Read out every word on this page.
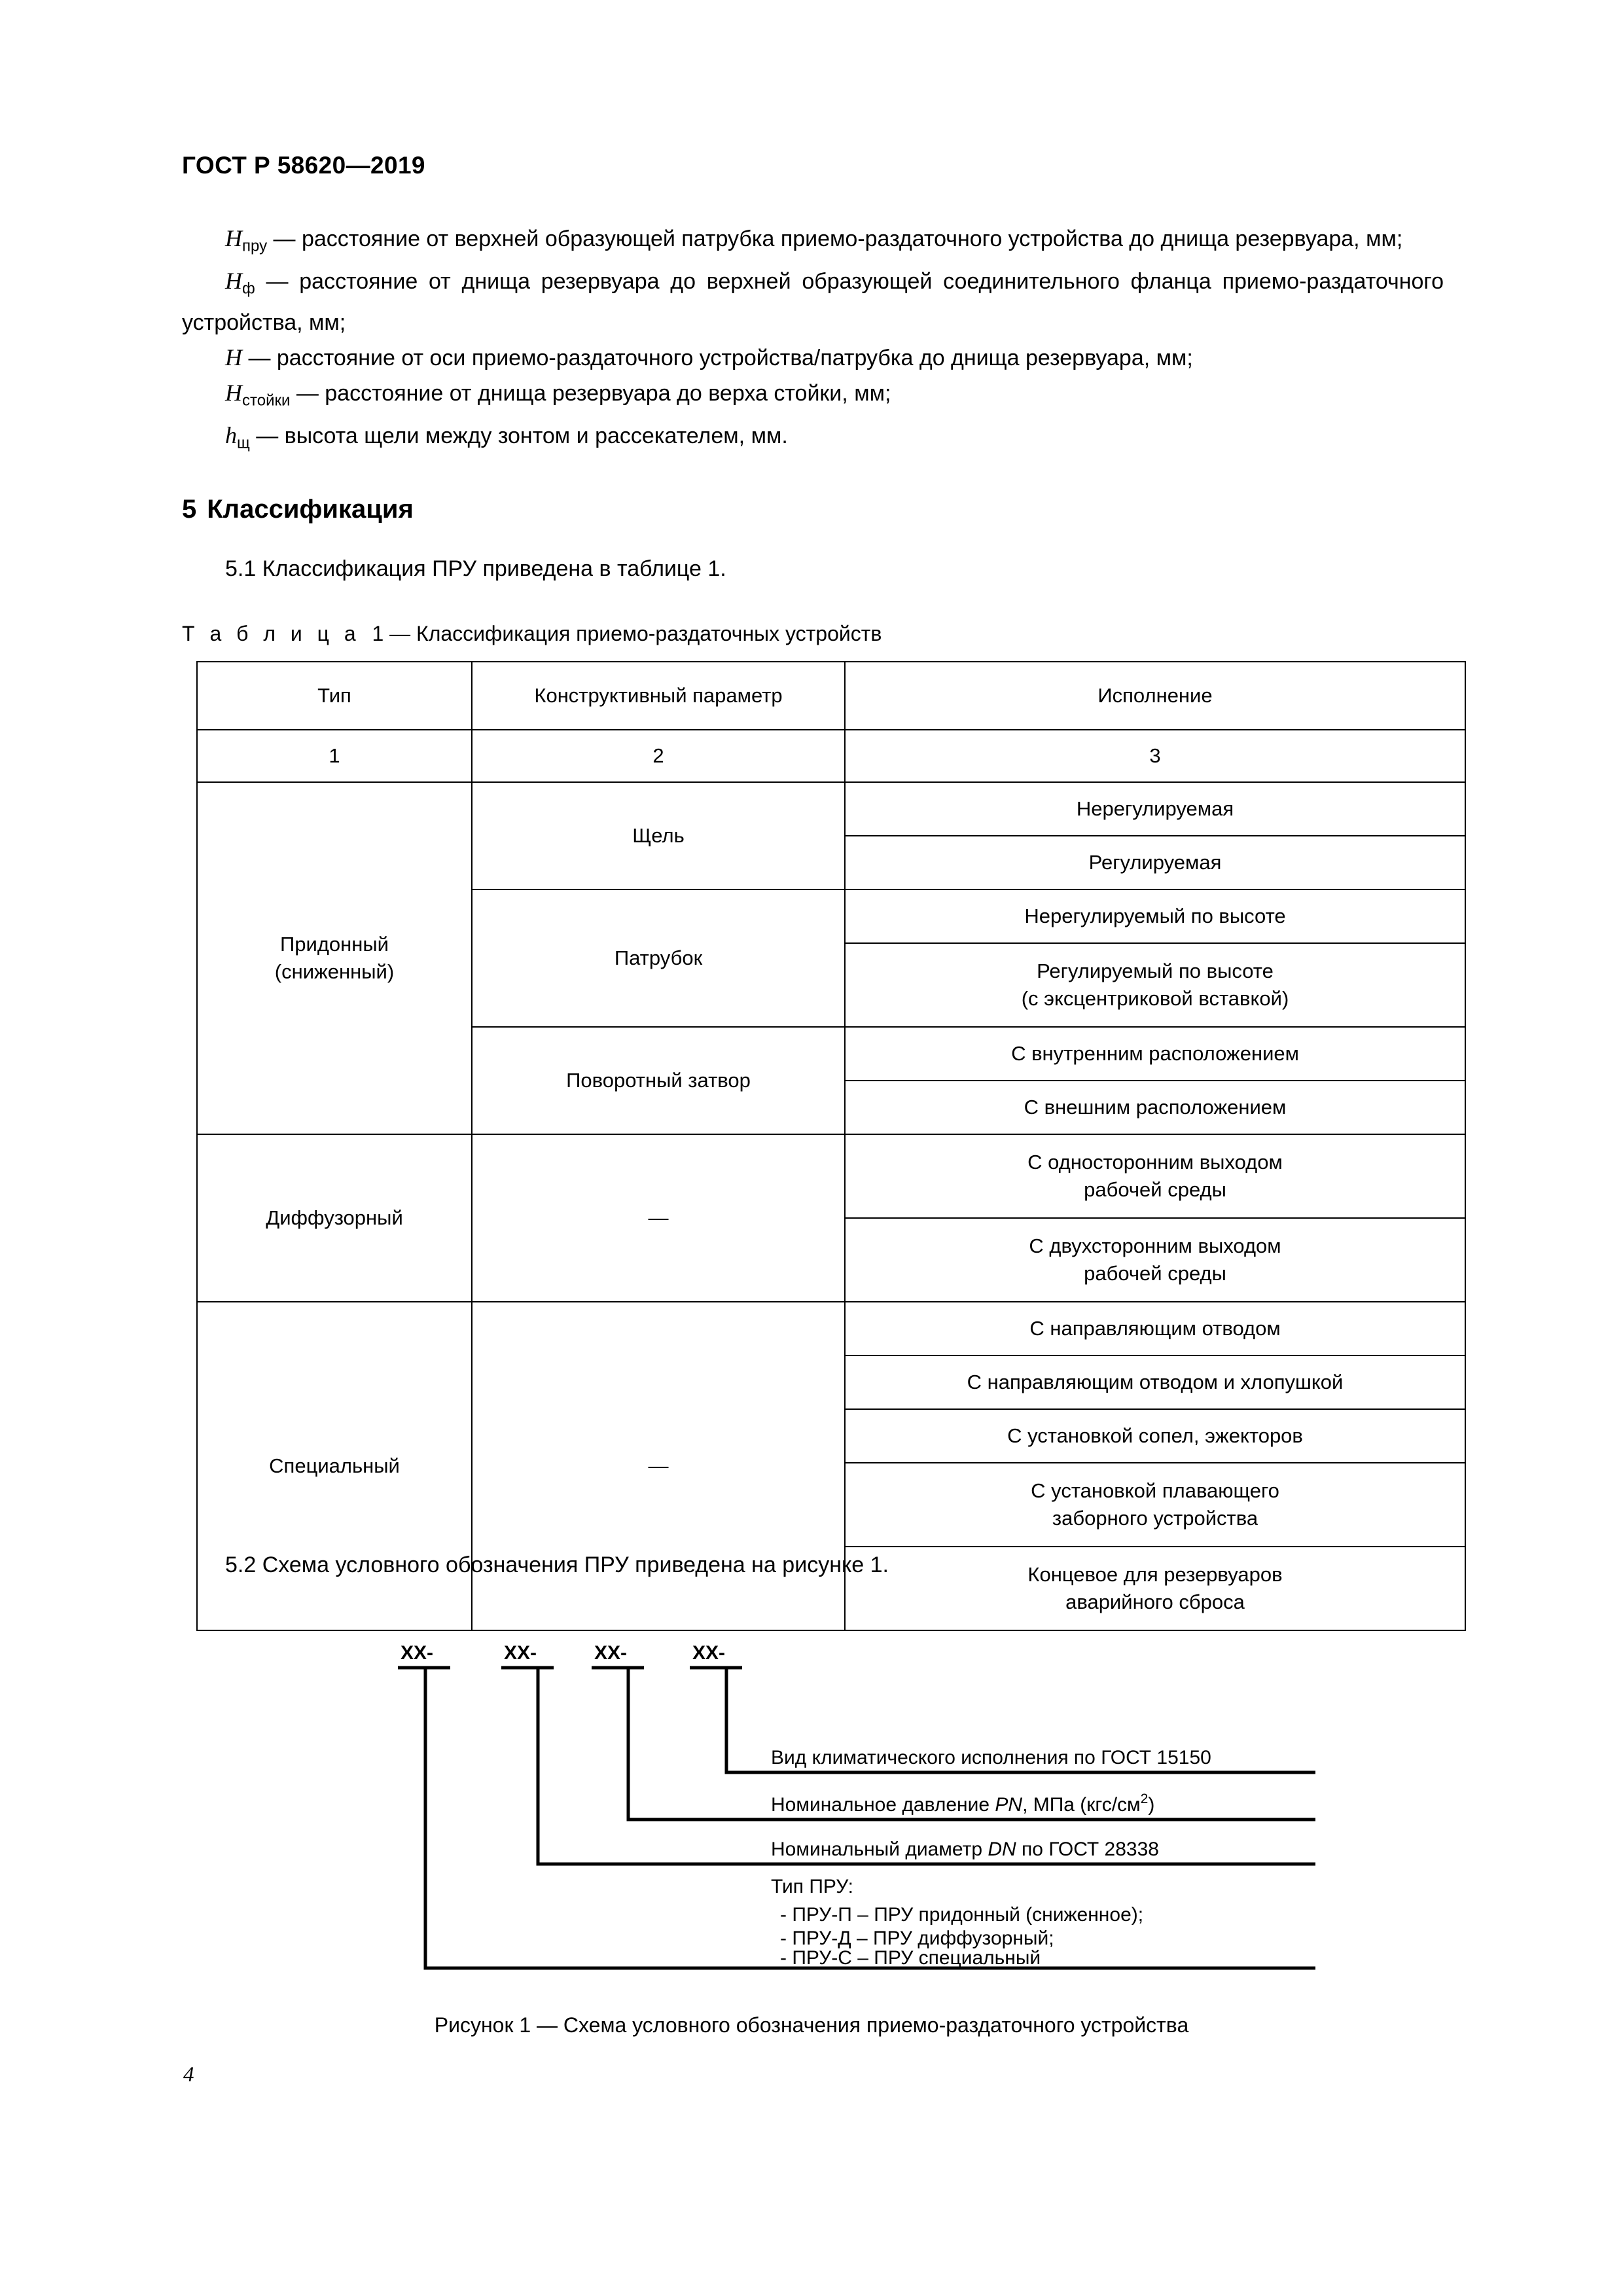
ГОСТ Р 58620—2019

$H_{пру}$ — расстояние от верхней образующей патрубка приемо-раздаточного устройства до днища резервуара, мм;

$H_ф$ — расстояние от днища резервуара до верхней образующей соединительного фланца приемо-раздаточного устройства, мм;

H — расстояние от оси приемо-раздаточного устройства/патрубка до днища резервуара, мм;

$H_{стойки}$ — расстояние от днища резервуара до верха стойки, мм;

$h_щ$ — высота щели между зонтом и рассекателем, мм.

5 Классификация
5.1 Классификация ПРУ приведена в таблице 1.
Т а б л и ц а 1 — Классификация приемо-раздаточных устройств
Тип	Конструктивный параметр	Исполнение
1	2	3
Придонный
(сниженный)	Щель	Нерегулируемая
		Регулируемая
	Патрубок	Нерегулируемый по высоте
		Регулируемый по высоте
(с эксцентриковой вставкой)
	Поворотный затвор	С внутренним расположением
		С внешним расположением
Диффузорный	—	С односторонним выходом
рабочей среды
		С двухсторонним выходом
рабочей среды
Специальный	—	С направляющим отводом
		С направляющим отводом и хлопушкой
		С установкой сопел, эжекторов
		С установкой плавающего
заборного устройства
		Концевое для резервуаров
аварийного сброса
5.2 Схема условного обозначения ПРУ приведена на рисунке 1.
XX-	XX-	XX-	XX-
Вид климатического исполнения по ГОСТ 15150
Номинальное давление PN, МПа $(кгс/см^2)$
Номинальный диаметр DN по ГОСТ 28338
Тип ПРУ:
- ПРУ-П – ПРУ придонный (сниженное);
- ПРУ-Д – ПРУ диффузорный;
- ПРУ-С – ПРУ специальный
Рисунок 1 — Схема условного обозначения приемо-раздаточного устройства
4
